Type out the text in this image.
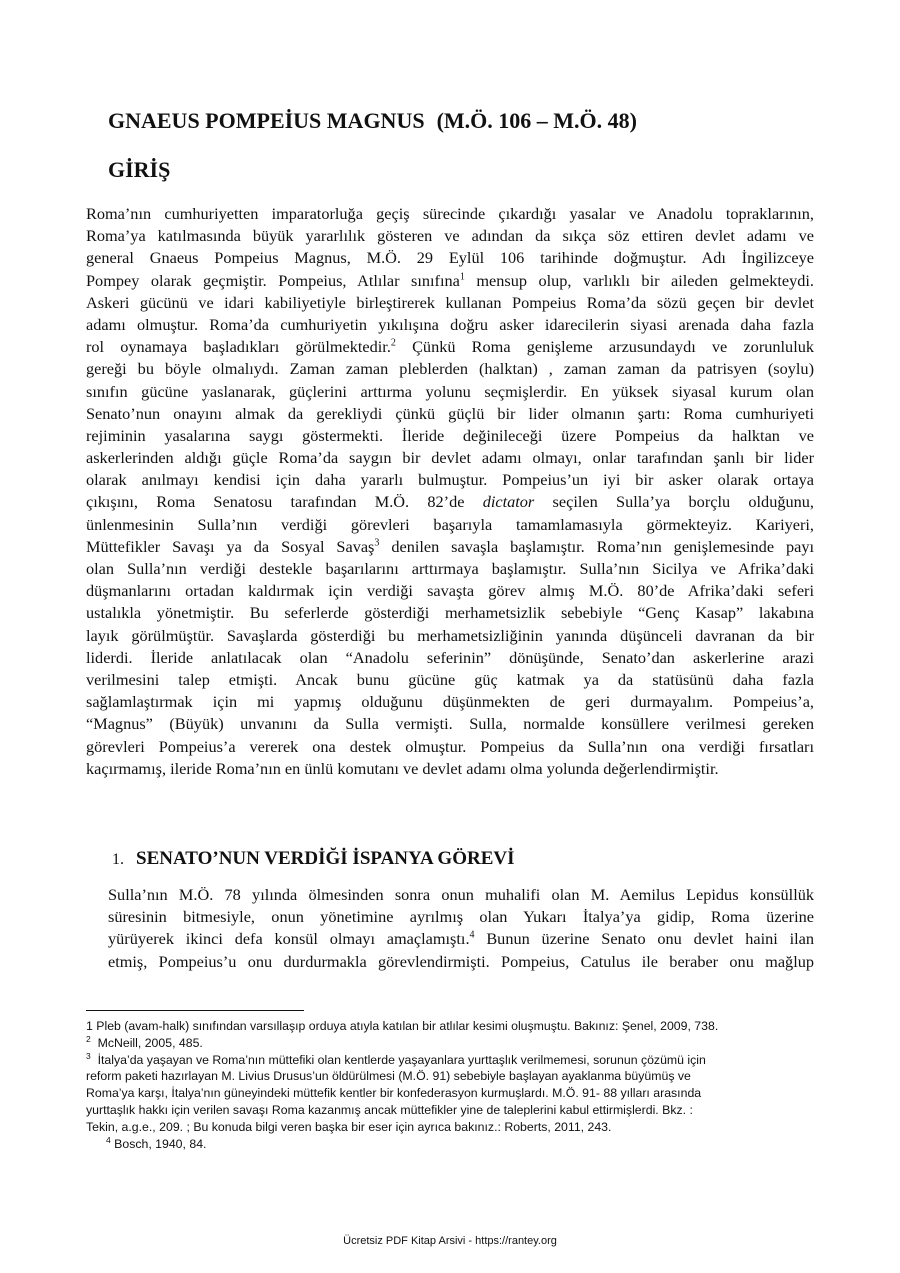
GNAEUS POMPEİUS MAGNUS (M.Ö. 106 – M.Ö. 48)
GİRİŞ
Roma’nın cumhuriyetten imparatorluğa geçiş sürecinde çıkardığı yasalar ve Anadolu topraklarının,
Roma’ya katılmasında büyük yararlılık gösteren ve adından da sıkça söz ettiren devlet adamı ve
general Gnaeus Pompeius Magnus, M.Ö. 29 Eylül 106 tarihinde doğmuştur. Adı İngilizceye
Pompey olarak geçmiştir. Pompeius, Atlılar sınıfına$^1$ mensup olup, varlıklı bir aileden gelmekteydi.
Askeri gücünü ve idari kabiliyetiyle birleştirerek kullanan Pompeius Roma’da sözü geçen bir devlet
adamı olmuştur. Roma’da cumhuriyetin yıkılışına doğru asker idarecilerin siyasi arenada daha fazla
rol oynamaya başladıkları görülmektedir.$^2$ Çünkü Roma genişleme arzusundaydı ve zorunluluk
gereği bu böyle olmalıydı. Zaman zaman pleblerden (halktan) , zaman zaman da patrisyen (soylu)
sınıfın gücüne yaslanarak, güçlerini arttırma yolunu seçmişlerdir. En yüksek siyasal kurum olan
Senato’nun onayını almak da gerekliydi çünkü güçlü bir lider olmanın şartı: Roma cumhuriyeti
rejiminin yasalarına saygı göstermekti. İleride değinileceği üzere Pompeius da halktan ve
askerlerinden aldığı güçle Roma’da saygın bir devlet adamı olmayı, onlar tarafından şanlı bir lider
olarak anılmayı kendisi için daha yararlı bulmuştur. Pompeius’un iyi bir asker olarak ortaya
çıkışını, Roma Senatosu tarafından M.Ö. 82’de dictator seçilen Sulla’ya borçlu olduğunu,
ünlenmesinin Sulla’nın verdiği görevleri başarıyla tamamlamasıyla görmekteyiz. Kariyeri,
Müttefikler Savaşı ya da Sosyal Savaş$^3$ denilen savaşla başlamıştır. Roma’nın genişlemesinde payı
olan Sulla’nın verdiği destekle başarılarını arttırmaya başlamıştır. Sulla’nın Sicilya ve Afrika’daki
düşmanlarını ortadan kaldırmak için verdiği savaşta görev almış M.Ö. 80’de Afrika’daki seferi
ustalıkla yönetmiştir. Bu seferlerde gösterdiği merhametsizlik sebebiyle “Genç Kasap” lakabına
layık görülmüştür. Savaşlarda gösterdiği bu merhametsizliğinin yanında düşünceli davranan da bir
liderdi. İleride anlatılacak olan “Anadolu seferinin” dönüşünde, Senato’dan askerlerine arazi
verilmesini talep etmişti. Ancak bunu gücüne güç katmak ya da statüsünü daha fazla
sağlamlaştırmak için mi yapmış olduğunu düşünmekten de geri durmayalım. Pompeius’a,
“Magnus” (Büyük) unvanını da Sulla vermişti. Sulla, normalde konsüllere verilmesi gereken
görevleri Pompeius’a vererek ona destek olmuştur. Pompeius da Sulla’nın ona verdiği fırsatları
kaçırmamış, ileride Roma’nın en ünlü komutanı ve devlet adamı olma yolunda değerlendirmiştir.
1. SENATO’NUN VERDİĞİ İSPANYA GÖREVİ
Sulla’nın M.Ö. 78 yılında ölmesinden sonra onun muhalifi olan M. Aemilus Lepidus konsüllük
süresinin bitmesiyle, onun yönetimine ayrılmış olan Yukarı İtalya’ya gidip, Roma üzerine
yürüyerek ikinci defa konsül olmayı amaçlamıştı.$^4$ Bunun üzerine Senato onu devlet haini ilan
etmiş, Pompeius’u onu durdurmakla görevlendirmişti. Pompeius, Catulus ile beraber onu mağlup
1 Pleb (avam-halk) sınıfından varsıllaşıp orduya atıyla katılan bir atlılar kesimi oluşmuştu. Bakınız: Şenel, 2009, 738.
$^2$ McNeill, 2005, 485.
$^3$ İtalya’da yaşayan ve Roma’nın müttefiki olan kentlerde yaşayanlara yurttaşlık verilmemesi, sorunun çözümü için
reform paketi hazırlayan M. Livius Drusus’un öldürülmesi (M.Ö. 91) sebebiyle başlayan ayaklanma büyümüş ve
Roma’ya karşı, İtalya’nın güneyindeki müttefik kentler bir konfederasyon kurmuşlardı. M.Ö. 91- 88 yılları arasında
yurttaşlık hakkı için verilen savaşı Roma kazanmış ancak müttefikler yine de taleplerini kabul ettirmişlerdi. Bkz. :
Tekin, a.g.e., 209. ; Bu konuda bilgi veren başka bir eser için ayrıca bakınız.: Roberts, 2011, 243.
$^4$ Bosch, 1940, 84.
Ücretsiz PDF Kitap Arsivi - https://rantey.org
